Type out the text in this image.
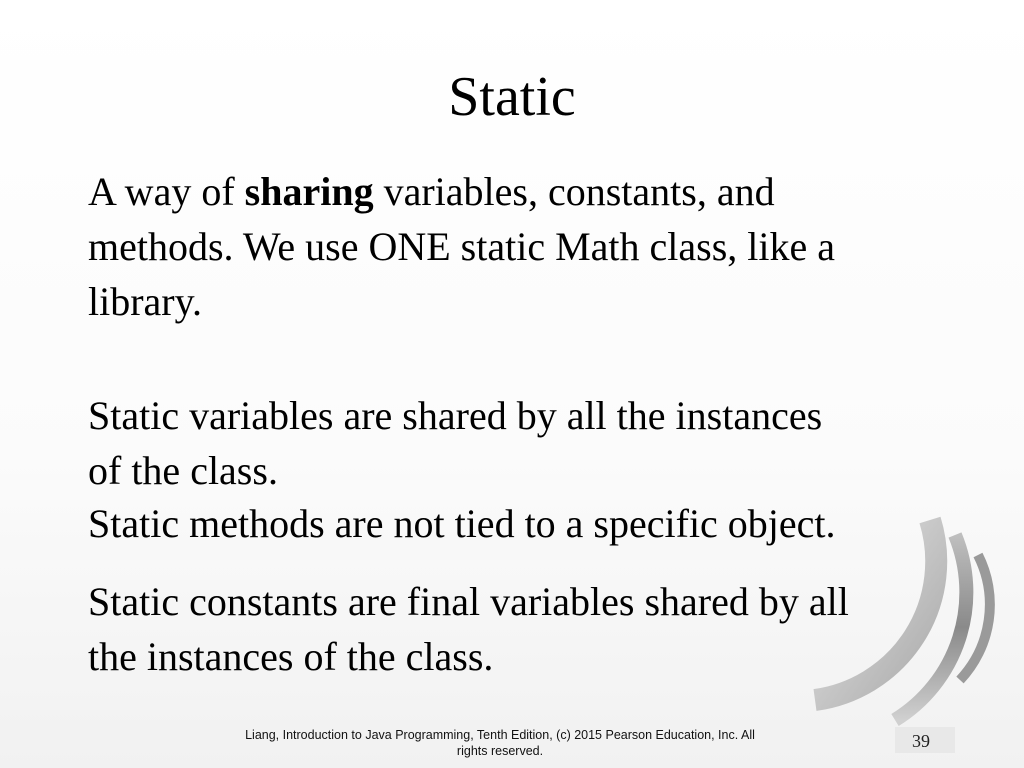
Static

A way of sharing variables, constants, and
methods. We use ONE static Math class, like a
library.

Static variables are shared by all the instances
of the class.

Static methods are not tied to a specific object.

Static constants are final variables shared by all
the instances of the class.

Liang, Introduction to Java Programming, Tenth Edition, (c) 2015 Pearson Education, Inc. All
rights reserved.	39
